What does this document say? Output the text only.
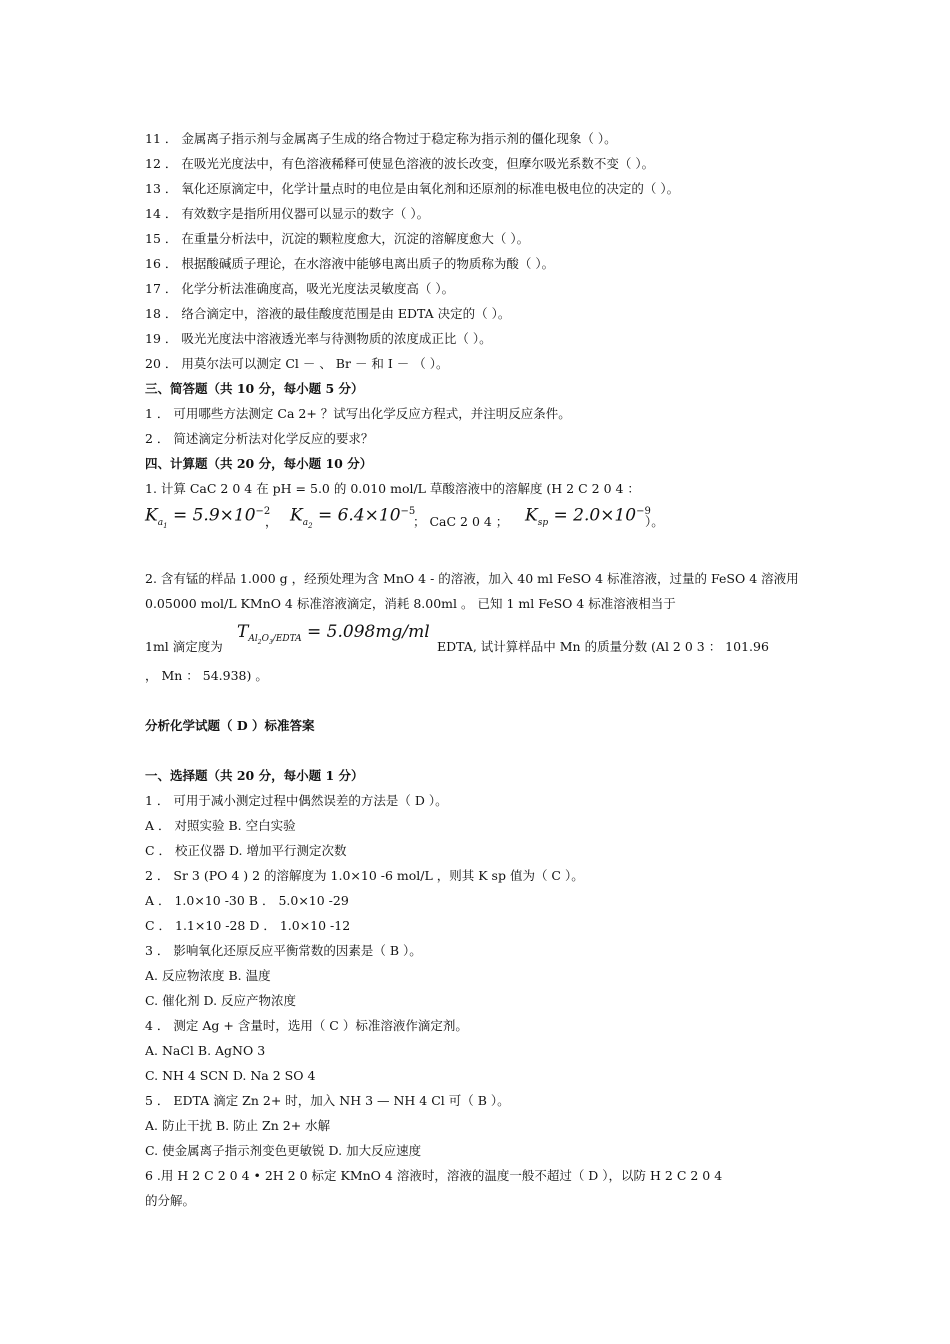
11 ． 金属离子指示剂与金属离子生成的络合物过于稳定称为指示剂的僵化现象（ ）。
12 ． 在吸光光度法中，有色溶液稀释可使显色溶液的波长改变，但摩尔吸光系数不变（ ）。
13 ． 氧化还原滴定中，化学计量点时的电位是由氧化剂和还原剂的标准电极电位的决定的（ ）。
14 ． 有效数字是指所用仪器可以显示的数字（ ）。
15 ． 在重量分析法中，沉淀的颗粒度愈大，沉淀的溶解度愈大（ ）。
16 ． 根据酸碱质子理论，在水溶液中能够电离出质子的物质称为酸（ ）。
17 ． 化学分析法准确度高，吸光光度法灵敏度高（ ）。
18 ． 络合滴定中，溶液的最佳酸度范围是由 EDTA 决定的（ ）。
19 ． 吸光光度法中溶液透光率与待测物质的浓度成正比（ ）。
20 ． 用莫尔法可以测定 Cl － 、 Br － 和 I － （ ）。
三、简答题（共 10 分，每小题 5 分）
1 ． 可用哪些方法测定 Ca 2+ ？试写出化学反应方程式，并注明反应条件。
2 ． 简述滴定分析法对化学反应的要求？
四、计算题（共 20 分，每小题 10 分）
1. 计算 CaC 2 0 4 在 pH = 5.0 的 0.010 mol/L 草酸溶液中的溶解度 (H 2 C 2 0 4 ：
$K_{a_1} = 5.9\times 10^{-2}$
， $K_{a_2} = 6.4\times 10^{-5}$
； CaC 2 0 4 ； $K_{sp} = 2.0\times 10^{-9}$
）。
2. 含有锰的样品 1.000 g ，经预处理为含 MnO 4 - 的溶液，加入 40 ml FeSO 4 标准溶液，过量的 FeSO 4 溶液用 0.05000 mol/L KMnO 4 标准溶液滴定，消耗 8.00ml 。 已知 1 ml FeSO 4 标准溶液相当于
1ml 滴定度为
$T_{Al_2O_3/EDTA} = 5.098mg/ml$
EDTA, 试计算样品中 Mn 的质量分数 (Al 2 0 3 ： 101.96
， Mn ： 54.938) 。
分析化学试题（ D ）标准答案
一、选择题（共 20 分，每小题 1 分）
1 ． 可用于减小测定过程中偶然误差的方法是（ D ）。
A ． 对照实验 B. 空白实验
C ． 校正仪器 D. 增加平行测定次数
2 ． Sr 3 (PO 4 ) 2 的溶解度为 1.0×10 -6 mol/L ，则其 K sp 值为（ C ）。
A ． 1.0×10 -30 B ． 5.0×10 -29
C ． 1.1×10 -28 D ． 1.0×10 -12
3 ． 影响氧化还原反应平衡常数的因素是（ B ）。
A. 反应物浓度 B. 温度
C. 催化剂 D. 反应产物浓度
4 ． 测定 Ag + 含量时，选用（ C ）标准溶液作滴定剂。
A. NaCl B. AgNO 3
C. NH 4 SCN D. Na 2 SO 4
5 ． EDTA 滴定 Zn 2+ 时，加入 NH 3 — NH 4 Cl 可（ B ）。
A. 防止干扰 B. 防止 Zn 2+ 水解
C. 使金属离子指示剂变色更敏锐 D. 加大反应速度
6 .用 H 2 C 2 0 4 • 2H 2 0 标定 KMnO 4 溶液时，溶液的温度一般不超过（ D ），以防 H 2 C 2 0 4
的分解。
